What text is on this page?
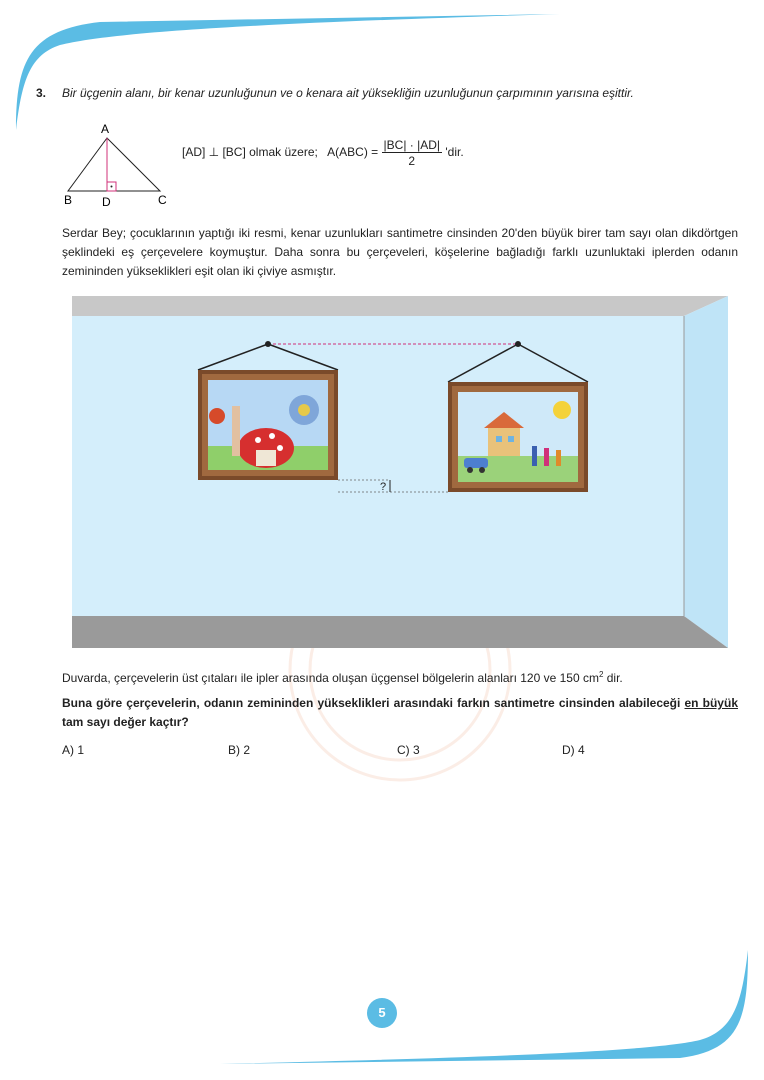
3. Bir üçgenin alanı, bir kenar uzunluğunun ve o kenara ait yüksekliğin uzunluğunun çarpımının yarısına eşittir.
A
B D	C
[AD] ⊥ [BC] olmak üzere; $A(ABC) = \frac{|BC| \cdot |AD|}{2}$ 'dir.
Serdar Bey; çocuklarının yaptığı iki resmi, kenar uzunlukları santimetre cinsinden 20'den büyük birer tam sayı olan dikdörtgen şeklindeki eş çerçevelere koymuştur. Daha sonra bu çerçeveleri, köşelerine bağladığı farklı uzunluktaki iplerden odanın zemininden yükseklikleri eşit olan iki çiviye asmıştır.
?
Duvarda, çerçevelerin üst çıtaları ile ipler arasında oluşan üçgensel bölgelerin alanları 120 ve 150 $cm^2$ dir.
Buna göre çerçevelerin, odanın zemininden yükseklikleri arasındaki farkın santimetre cinsinden alabileceği en büyük tam sayı değer kaçtır?
A) 1	B) 2	C) 3	D) 4
5
